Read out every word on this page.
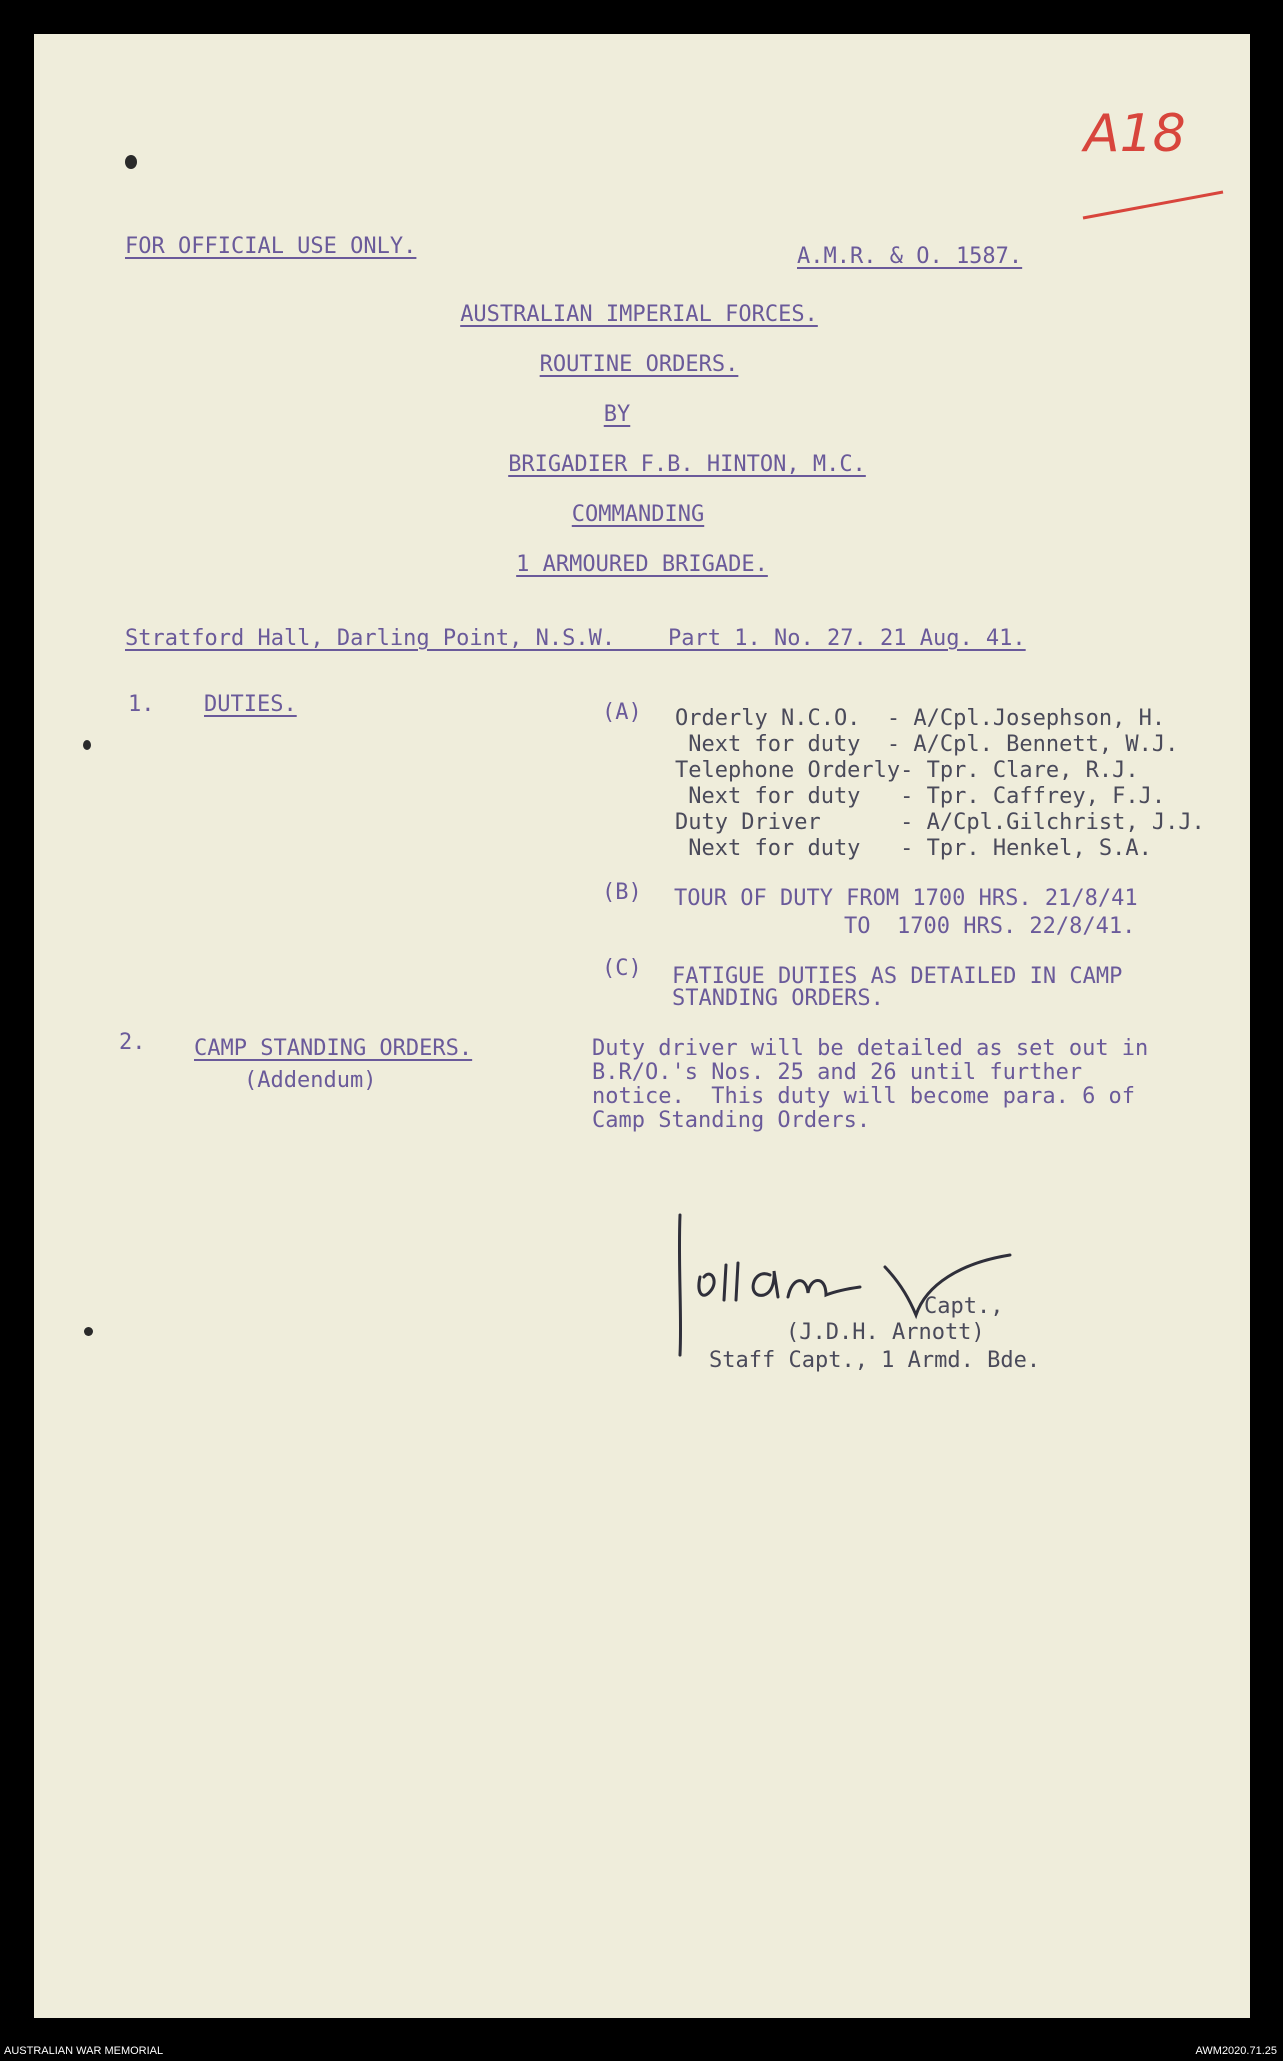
A18
FOR OFFICIAL USE ONLY.	A.M.R. & O. 1587.
AUSTRALIAN IMPERIAL FORCES.
ROUTINE ORDERS.
BY
BRIGADIER F.B. HINTON, M.C.
COMMANDING
1 ARMOURED BRIGADE.
Stratford Hall, Darling Point, N.S.W.    Part 1. No. 27. 21 Aug. 41.
1. DUTIES.	(A) Orderly N.C.O.  - A/Cpl.Josephson, H.
Next for duty  - A/Cpl. Bennett, W.J.
Telephone Orderly- Tpr. Clare, R.J.
Next for duty   - Tpr. Caffrey, F.J.
Duty Driver      - A/Cpl.Gilchrist, J.J.
Next for duty   - Tpr. Henkel, S.A.
(B) TOUR OF DUTY FROM 1700 HRS. 21/8/41
TO  1700 HRS. 22/8/41.
(C) FATIGUE DUTIES AS DETAILED IN CAMP
STANDING ORDERS.
2. CAMP STANDING ORDERS.
(Addendum)
Duty driver will be detailed as set out in
B.R/O.'s Nos. 25 and 26 until further
notice.  This duty will become para. 6 of
Camp Standing Orders.
Capt.,
(J.D.H. Arnott)
Staff Capt., 1 Armd. Bde.
AUSTRALIAN WAR MEMORIAL	AWM2020.71.25
